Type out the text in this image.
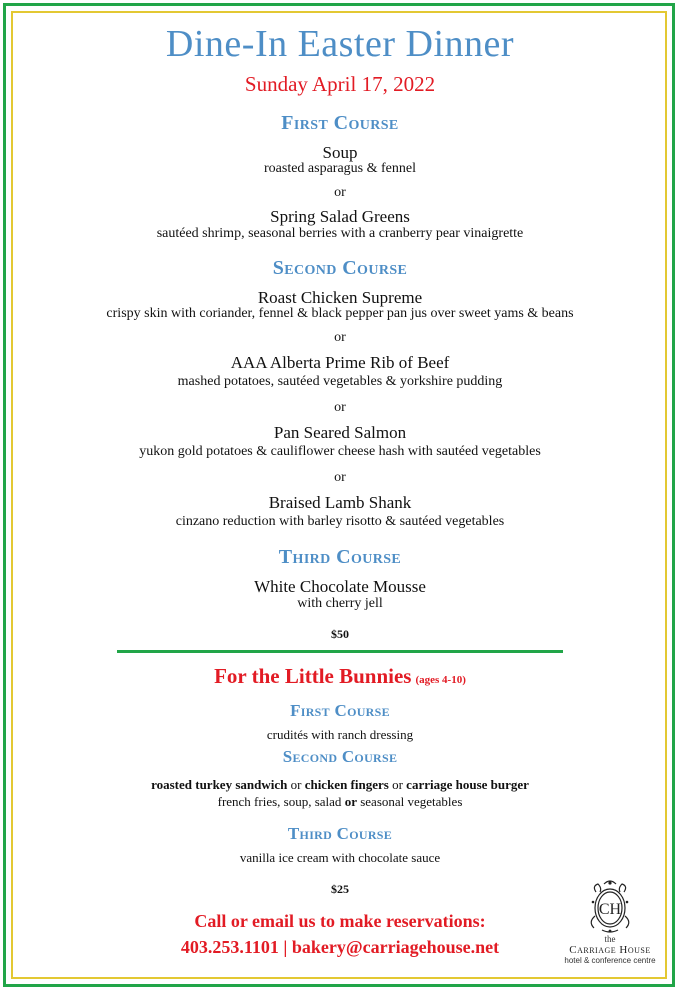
Dine-In Easter Dinner
Sunday April 17, 2022
First Course
Soup
roasted asparagus & fennel
or
Spring Salad Greens
sautéed shrimp, seasonal berries with a cranberry pear vinaigrette
Second Course
Roast Chicken Supreme
crispy skin with coriander, fennel & black pepper pan jus over sweet yams & beans
or
AAA Alberta Prime Rib of Beef
mashed potatoes, sautéed vegetables & yorkshire pudding
or
Pan Seared Salmon
yukon gold potatoes & cauliflower cheese hash with sautéed vegetables
or
Braised Lamb Shank
cinzano reduction with barley risotto & sautéed vegetables
Third Course
White Chocolate Mousse
with cherry jell
$50
For the Little Bunnies (ages 4-10)
First Course
crudités with ranch dressing
Second Course
roasted turkey sandwich or chicken fingers or carriage house burger
french fries, soup, salad or seasonal vegetables
Third Course
vanilla ice cream with chocolate sauce
$25
Call or email us to make reservations:
403.253.1101 | bakery@carriagehouse.net
CH
the
Carriage House
hotel & conference centre
